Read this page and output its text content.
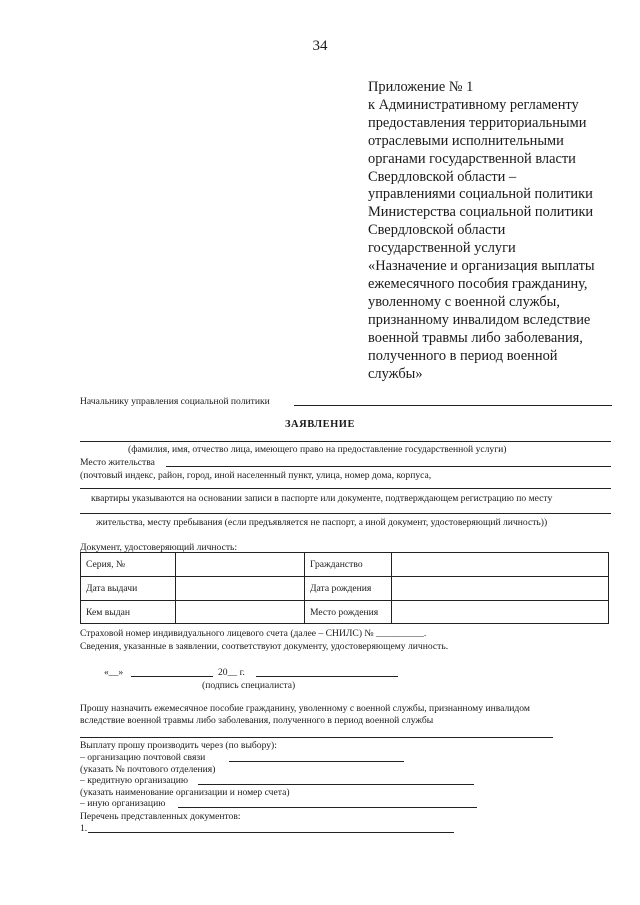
34
Приложение № 1
к Административному регламенту
предоставления территориальными
отраслевыми исполнительными
органами государственной власти
Свердловской области –
управлениями социальной политики
Министерства социальной политики
Свердловской области
государственной услуги
«Назначение и организация выплаты
ежемесячного пособия гражданину,
уволенному с военной службы,
признанному инвалидом вследствие
военной травмы либо заболевания,
полученного в период военной
службы»
Начальнику управления социальной политики
ЗАЯВЛЕНИЕ
(фамилия, имя, отчество лица, имеющего право на предоставление государственной услуги)
Место жительства
(почтовый индекс, район, город, иной населенный пункт, улица, номер дома, корпуса,
квартиры указываются на основании записи в паспорте или документе, подтверждающем регистрацию по месту
жительства, месту пребывания (если предъявляется не паспорт, а иной документ, удостоверяющий личность))
Документ, удостоверяющий личность:
Серия, №		Гражданство	
Дата выдачи		Дата рождения	
Кем выдан		Место рождения	
Страховой номер индивидуального лицевого счета (далее – СНИЛС) № __________.
Сведения, указанные в заявлении, соответствуют документу, удостоверяющему личность.
«__»	20__ г.
(подпись специалиста)
Прошу назначить ежемесячное пособие гражданину, уволенному с военной службы, признанному инвалидом
вследствие военной травмы либо заболевания, полученного в период военной службы
Выплату прошу производить через (по выбору):
– организацию почтовой связи
(указать № почтового отделения)
– кредитную организацию
(указать наименование организации и номер счета)
– иную организацию
Перечень представленных документов:
1.
